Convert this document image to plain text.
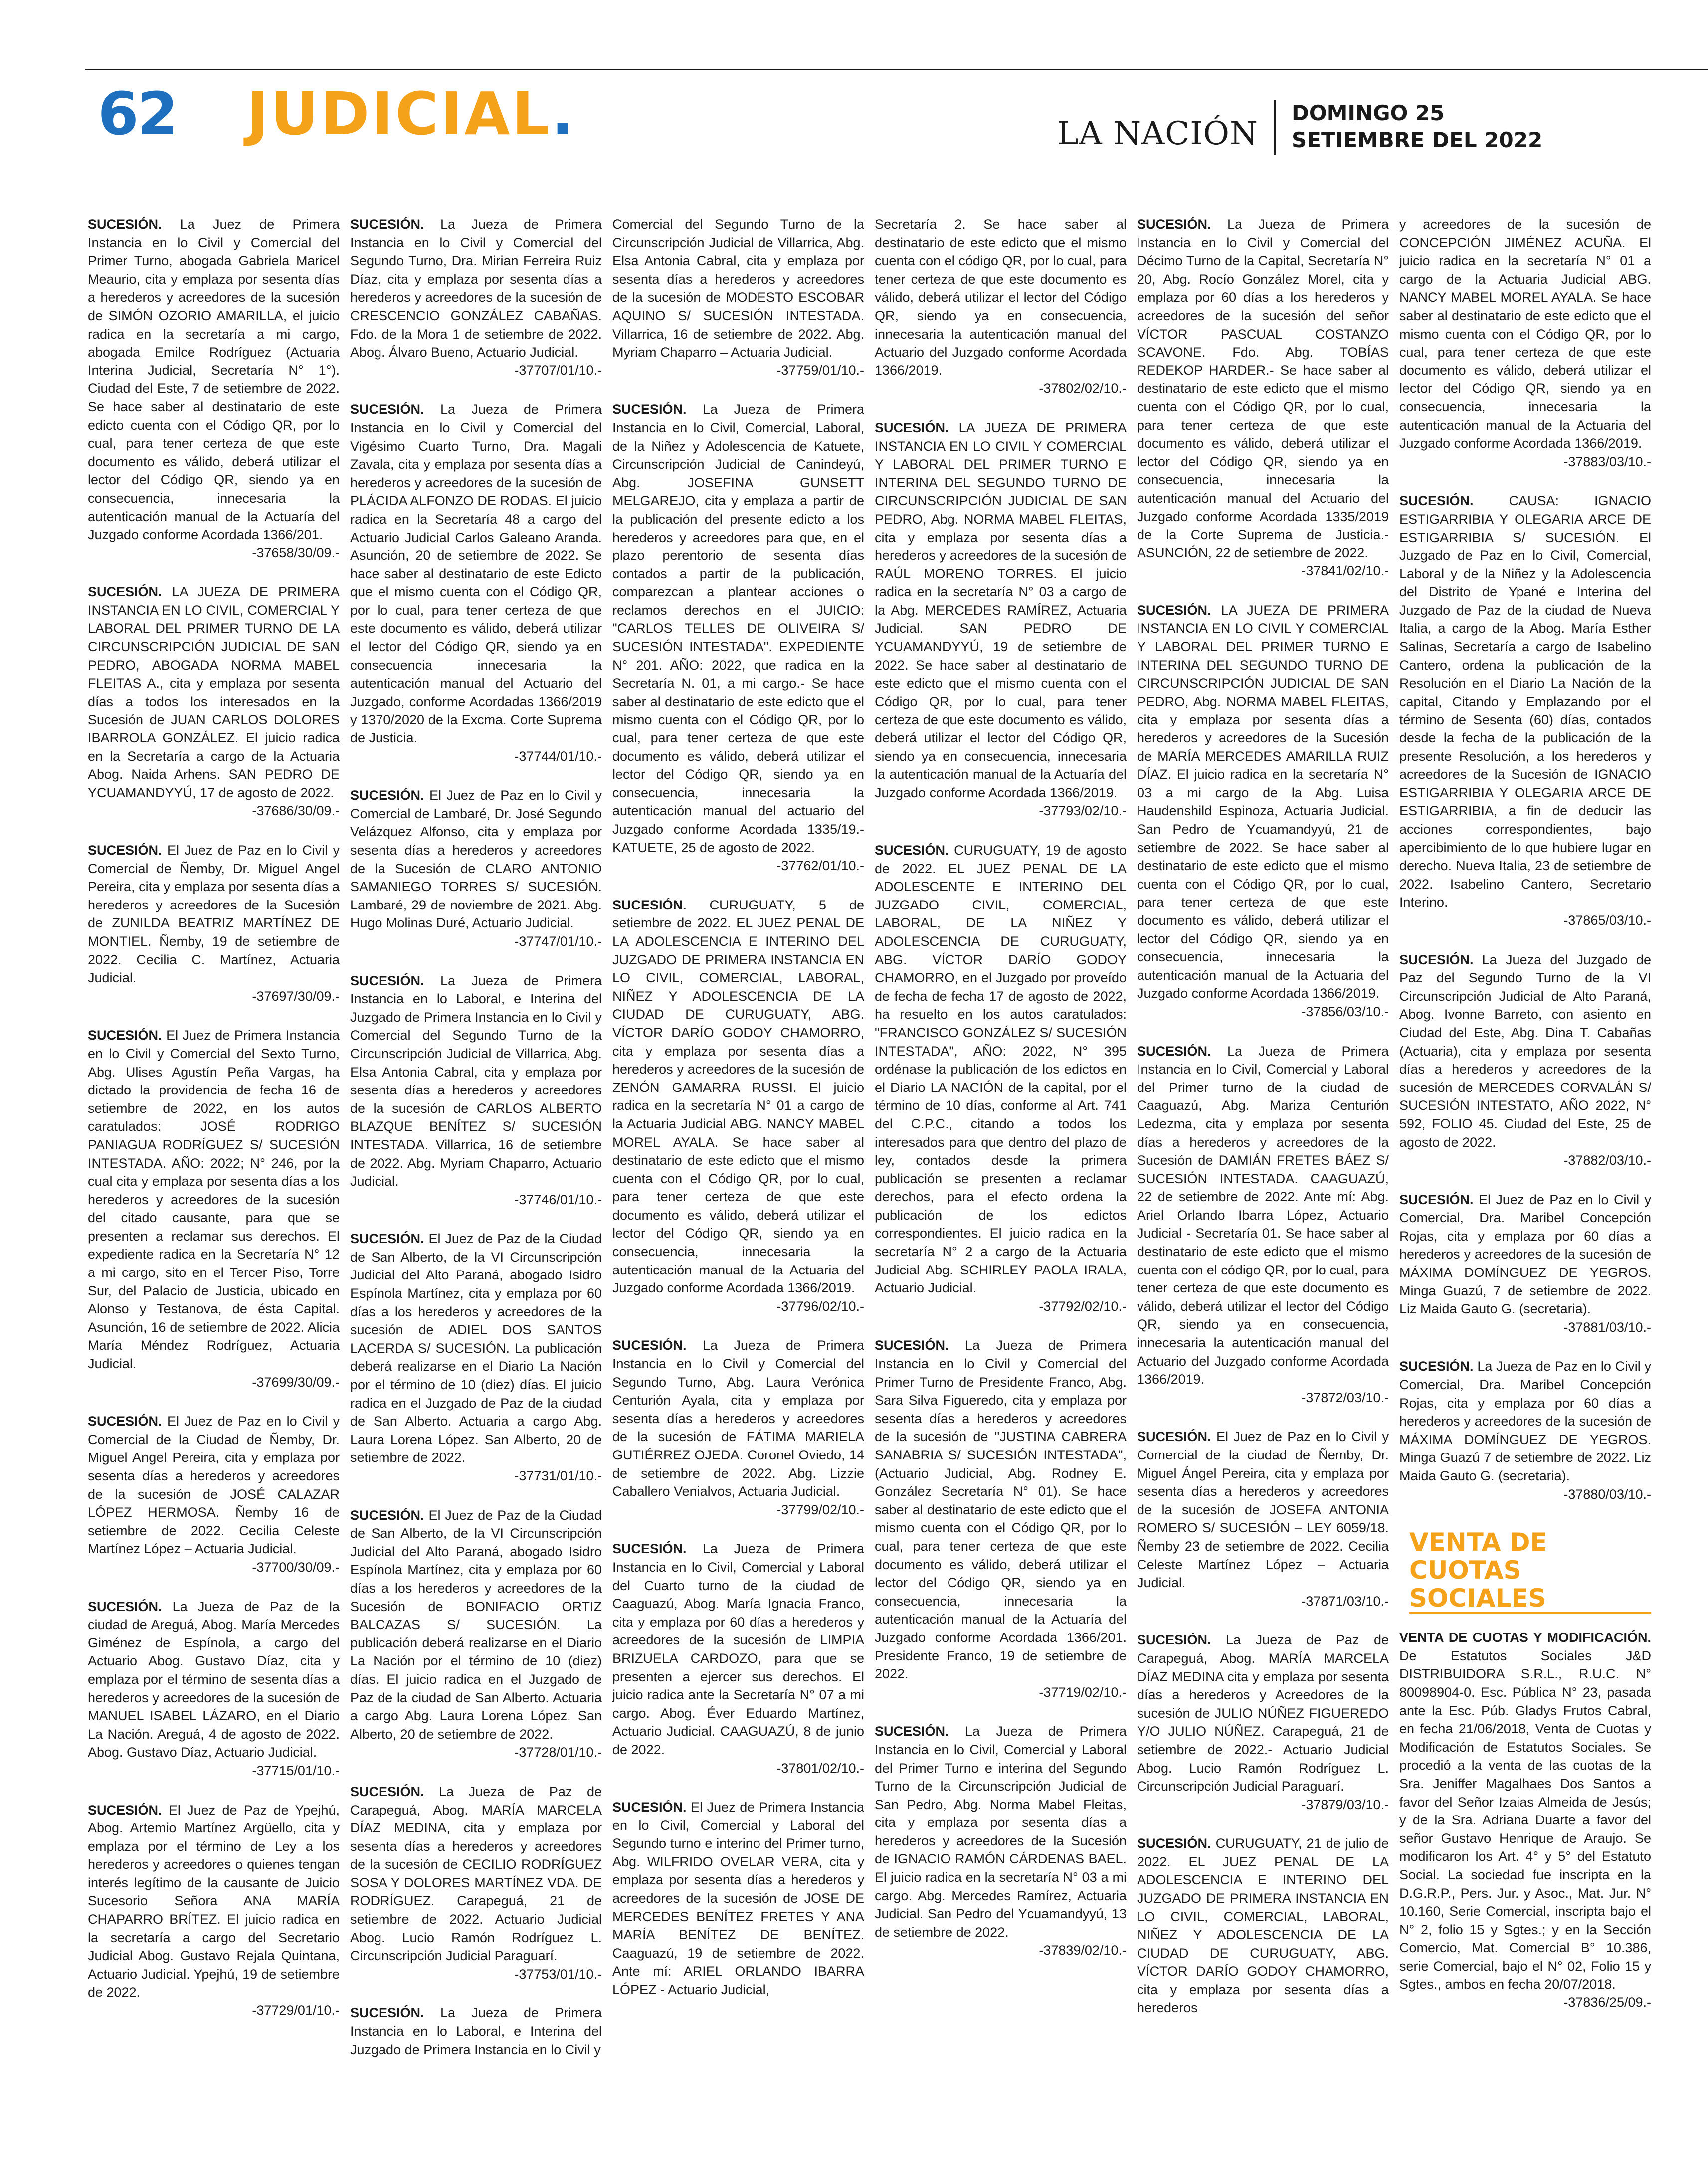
62 JUDICIAL.	LA NACIÓN
DOMINGO 25
SETIEMBRE DEL 2022

SUCESIÓN. La Juez de Primera Instancia en lo Civil y Comercial del Primer Turno, abogada Gabriela Maricel Meaurio, cita y emplaza por sesenta días a herederos y acreedores de la sucesión de SIMÓN OZORIO AMARILLA, el juicio radica en la secretaría a mi cargo, abogada Emilce Rodríguez (Actuaria Interina Judicial, Secretaría N° 1°). Ciudad del Este, 7 de setiembre de 2022. Se hace saber al destinatario de este edicto cuenta con el Código QR, por lo cual, para tener certeza de que este documento es válido, deberá utilizar el lector del Código QR, siendo ya en consecuencia, innecesaria la autenticación manual de la Actuaría del Juzgado conforme Acordada 1366/201.
-37658/30/09.-

SUCESIÓN. LA JUEZA DE PRIMERA INSTANCIA EN LO CIVIL, COMERCIAL Y LABORAL DEL PRIMER TURNO DE LA CIRCUNSCRIPCIÓN JUDICIAL DE SAN PEDRO, ABOGADA NORMA MABEL FLEITAS A., cita y emplaza por sesenta días a todos los interesados en la Sucesión de JUAN CARLOS DOLORES IBARROLA GONZÁLEZ. El juicio radica en la Secretaría a cargo de la Actuaria Abog. Naida Arhens. SAN PEDRO DE YCUAMANDYYÚ, 17 de agosto de 2022.
-37686/30/09.-

SUCESIÓN. El Juez de Paz en lo Civil y Comercial de Ñemby, Dr. Miguel Angel Pereira, cita y emplaza por sesenta días a herederos y acreedores de la Sucesión de ZUNILDA BEATRIZ MARTÍNEZ DE MONTIEL. Ñemby, 19 de setiembre de 2022. Cecilia C. Martínez, Actuaria Judicial.
-37697/30/09.-

SUCESIÓN. El Juez de Primera Instancia en lo Civil y Comercial del Sexto Turno, Abg. Ulises Agustín Peña Vargas, ha dictado la providencia de fecha 16 de setiembre de 2022, en los autos caratulados: JOSÉ RODRIGO PANIAGUA RODRÍGUEZ S/ SUCESIÓN INTESTADA. AÑO: 2022; N° 246, por la cual cita y emplaza por sesenta días a los herederos y acreedores de la sucesión del citado causante, para que se presenten a reclamar sus derechos. El expediente radica en la Secretaría N° 12 a mi cargo, sito en el Tercer Piso, Torre Sur, del Palacio de Justicia, ubicado en Alonso y Testanova, de ésta Capital. Asunción, 16 de setiembre de 2022. Alicia María Méndez Rodríguez, Actuaria Judicial.
-37699/30/09.-

SUCESIÓN. El Juez de Paz en lo Civil y Comercial de la Ciudad de Ñemby, Dr. Miguel Angel Pereira, cita y emplaza por sesenta días a herederos y acreedores de la sucesión de JOSÉ CALAZAR LÓPEZ HERMOSA. Ñemby 16 de setiembre de 2022. Cecilia Celeste Martínez López – Actuaria Judicial.
-37700/30/09.-

SUCESIÓN. La Jueza de Paz de la ciudad de Areguá, Abog. María Mercedes Giménez de Espínola, a cargo del Actuario Abog. Gustavo Díaz, cita y emplaza por el término de sesenta días a herederos y acreedores de la sucesión de MANUEL ISABEL LÁZARO, en el Diario La Nación. Areguá, 4 de agosto de 2022. Abog. Gustavo Díaz, Actuario Judicial.
-37715/01/10.-

SUCESIÓN. El Juez de Paz de Ypejhú, Abog. Artemio Martínez Argüello, cita y emplaza por el término de Ley a los herederos y acreedores o quienes tengan interés legítimo de la causante de Juicio Sucesorio Señora ANA MARÍA CHAPARRO BRÍTEZ. El juicio radica en la secretaría a cargo del Secretario Judicial Abog. Gustavo Rejala Quintana, Actuario Judicial. Ypejhú, 19 de setiembre de 2022.
-37729/01/10.-

SUCESIÓN. La Jueza de Primera Instancia en lo Civil y Comercial del Segundo Turno, Dra. Mirian Ferreira Ruiz Díaz, cita y emplaza por sesenta días a herederos y acreedores de la sucesión de CRESCENCIO GONZÁLEZ CABAÑAS. Fdo. de la Mora 1 de setiembre de 2022. Abog. Álvaro Bueno, Actuario Judicial.
-37707/01/10.-

SUCESIÓN. La Jueza de Primera Instancia en lo Civil y Comercial del Vigésimo Cuarto Turno, Dra. Magali Zavala, cita y emplaza por sesenta días a herederos y acreedores de la sucesión de PLÁCIDA ALFONZO DE RODAS. El juicio radica en la Secretaría 48 a cargo del Actuario Judicial Carlos Galeano Aranda. Asunción, 20 de setiembre de 2022. Se hace saber al destinatario de este Edicto que el mismo cuenta con el Código QR, por lo cual, para tener certeza de que este documento es válido, deberá utilizar el lector del Código QR, siendo ya en consecuencia innecesaria la autenticación manual del Actuario del Juzgado, conforme Acordadas 1366/2019 y 1370/2020 de la Excma. Corte Suprema de Justicia.
-37744/01/10.-

SUCESIÓN. El Juez de Paz en lo Civil y Comercial de Lambaré, Dr. José Segundo Velázquez Alfonso, cita y emplaza por sesenta días a herederos y acreedores de la Sucesión de CLARO ANTONIO SAMANIEGO TORRES S/ SUCESIÓN. Lambaré, 29 de noviembre de 2021. Abg. Hugo Molinas Duré, Actuario Judicial.
-37747/01/10.-

SUCESIÓN. La Jueza de Primera Instancia en lo Laboral, e Interina del Juzgado de Primera Instancia en lo Civil y Comercial del Segundo Turno de la Circunscripción Judicial de Villarrica, Abg. Elsa Antonia Cabral, cita y emplaza por sesenta días a herederos y acreedores de la sucesión de CARLOS ALBERTO BLAZQUE BENÍTEZ S/ SUCESIÓN INTESTADA. Villarrica, 16 de setiembre de 2022. Abg. Myriam Chaparro, Actuario Judicial.
-37746/01/10.-

SUCESIÓN. El Juez de Paz de la Ciudad de San Alberto, de la VI Circunscripción Judicial del Alto Paraná, abogado Isidro Espínola Martínez, cita y emplaza por 60 días a los herederos y acreedores de la sucesión de ADIEL DOS SANTOS LACERDA S/ SUCESIÓN. La publicación deberá realizarse en el Diario La Nación por el término de 10 (diez) días. El juicio radica en el Juzgado de Paz de la ciudad de San Alberto. Actuaria a cargo Abg. Laura Lorena López. San Alberto, 20 de setiembre de 2022.
-37731/01/10.-

SUCESIÓN. El Juez de Paz de la Ciudad de San Alberto, de la VI Circunscripción Judicial del Alto Paraná, abogado Isidro Espínola Martínez, cita y emplaza por 60 días a los herederos y acreedores de la Sucesión de BONIFACIO ORTIZ BALCAZAS S/ SUCESIÓN. La publicación deberá realizarse en el Diario La Nación por el término de 10 (diez) días. El juicio radica en el Juzgado de Paz de la ciudad de San Alberto. Actuaria a cargo Abg. Laura Lorena López. San Alberto, 20 de setiembre de 2022.
-37728/01/10.-

SUCESIÓN. La Jueza de Paz de Carapeguá, Abog. MARÍA MARCELA DÍAZ MEDINA, cita y emplaza por sesenta días a herederos y acreedores de la sucesión de CECILIO RODRÍGUEZ SOSA Y DOLORES MARTÍNEZ VDA. DE RODRÍGUEZ. Carapeguá, 21 de setiembre de 2022. Actuario Judicial Abog. Lucio Ramón Rodríguez L. Circunscripción Judicial Paraguarí.
-37753/01/10.-

SUCESIÓN. La Jueza de Primera Instancia en lo Laboral, e Interina del Juzgado de Primera Instancia en lo Civil y

Comercial del Segundo Turno de la Circunscripción Judicial de Villarrica, Abg. Elsa Antonia Cabral, cita y emplaza por sesenta días a herederos y acreedores de la sucesión de MODESTO ESCOBAR AQUINO S/ SUCESIÓN INTESTADA. Villarrica, 16 de setiembre de 2022. Abg. Myriam Chaparro – Actuaria Judicial.
-37759/01/10.-

SUCESIÓN. La Jueza de Primera Instancia en lo Civil, Comercial, Laboral, de la Niñez y Adolescencia de Katuete, Circunscripción Judicial de Canindeyú, Abg. JOSEFINA GUNSETT MELGAREJO, cita y emplaza a partir de la publicación del presente edicto a los herederos y acreedores para que, en el plazo perentorio de sesenta días contados a partir de la publicación, comparezcan a plantear acciones o reclamos derechos en el JUICIO: "CARLOS TELLES DE OLIVEIRA S/ SUCESIÓN INTESTADA". EXPEDIENTE N° 201. AÑO: 2022, que radica en la Secretaría N. 01, a mi cargo.- Se hace saber al destinatario de este edicto que el mismo cuenta con el Código QR, por lo cual, para tener certeza de que este documento es válido, deberá utilizar el lector del Código QR, siendo ya en consecuencia, innecesaria la autenticación manual del actuario del Juzgado conforme Acordada 1335/19.- KATUETE, 25 de agosto de 2022.
-37762/01/10.-

SUCESIÓN. CURUGUATY, 5 de setiembre de 2022. EL JUEZ PENAL DE LA ADOLESCENCIA E INTERINO DEL JUZGADO DE PRIMERA INSTANCIA EN LO CIVIL, COMERCIAL, LABORAL, NIÑEZ Y ADOLESCENCIA DE LA CIUDAD DE CURUGUATY, ABG. VÍCTOR DARÍO GODOY CHAMORRO, cita y emplaza por sesenta días a herederos y acreedores de la sucesión de ZENÓN GAMARRA RUSSI. El juicio radica en la secretaría N° 01 a cargo de la Actuaria Judicial ABG. NANCY MABEL MOREL AYALA. Se hace saber al destinatario de este edicto que el mismo cuenta con el Código QR, por lo cual, para tener certeza de que este documento es válido, deberá utilizar el lector del Código QR, siendo ya en consecuencia, innecesaria la autenticación manual de la Actuaria del Juzgado conforme Acordada 1366/2019.
-37796/02/10.-

SUCESIÓN. La Jueza de Primera Instancia en lo Civil y Comercial del Segundo Turno, Abg. Laura Verónica Centurión Ayala, cita y emplaza por sesenta días a herederos y acreedores de la sucesión de FÁTIMA MARIELA GUTIÉRREZ OJEDA. Coronel Oviedo, 14 de setiembre de 2022. Abg. Lizzie Caballero Venialvos, Actuaria Judicial.
-37799/02/10.-

SUCESIÓN. La Jueza de Primera Instancia en lo Civil, Comercial y Laboral del Cuarto turno de la ciudad de Caaguazú, Abog. María Ignacia Franco, cita y emplaza por 60 días a herederos y acreedores de la sucesión de LIMPIA BRIZUELA CARDOZO, para que se presenten a ejercer sus derechos. El juicio radica ante la Secretaría N° 07 a mi cargo. Abog. Éver Eduardo Martínez, Actuario Judicial. CAAGUAZÚ, 8 de junio de 2022.
-37801/02/10.-

SUCESIÓN. El Juez de Primera Instancia en lo Civil, Comercial y Laboral del Segundo turno e interino del Primer turno, Abg. WILFRIDO OVELAR VERA, cita y emplaza por sesenta días a herederos y acreedores de la sucesión de JOSE DE MERCEDES BENÍTEZ FRETES Y ANA MARÍA BENÍTEZ DE BENÍTEZ. Caaguazú, 19 de setiembre de 2022. Ante mí: ARIEL ORLANDO IBARRA LÓPEZ - Actuario Judicial,

Secretaría 2. Se hace saber al destinatario de este edicto que el mismo cuenta con el código QR, por lo cual, para tener certeza de que este documento es válido, deberá utilizar el lector del Código QR, siendo ya en consecuencia, innecesaria la autenticación manual del Actuario del Juzgado conforme Acordada 1366/2019.
-37802/02/10.-

SUCESIÓN. LA JUEZA DE PRIMERA INSTANCIA EN LO CIVIL Y COMERCIAL Y LABORAL DEL PRIMER TURNO E INTERINA DEL SEGUNDO TURNO DE CIRCUNSCRIPCIÓN JUDICIAL DE SAN PEDRO, Abg. NORMA MABEL FLEITAS, cita y emplaza por sesenta días a herederos y acreedores de la sucesión de RAÚL MORENO TORRES. El juicio radica en la secretaría N° 03 a cargo de la Abg. MERCEDES RAMÍREZ, Actuaria Judicial. SAN PEDRO DE YCUAMANDYYÚ, 19 de setiembre de 2022. Se hace saber al destinatario de este edicto que el mismo cuenta con el Código QR, por lo cual, para tener certeza de que este documento es válido, deberá utilizar el lector del Código QR, siendo ya en consecuencia, innecesaria la autenticación manual de la Actuaría del Juzgado conforme Acordada 1366/2019.
-37793/02/10.-

SUCESIÓN. CURUGUATY, 19 de agosto de 2022. EL JUEZ PENAL DE LA ADOLESCENTE E INTERINO DEL JUZGADO CIVIL, COMERCIAL, LABORAL, DE LA NIÑEZ Y ADOLESCENCIA DE CURUGUATY, ABG. VÍCTOR DARÍO GODOY CHAMORRO, en el Juzgado por proveído de fecha de fecha 17 de agosto de 2022, ha resuelto en los autos caratulados: "FRANCISCO GONZÁLEZ S/ SUCESIÓN INTESTADA", AÑO: 2022, N° 395 ordénase la publicación de los edictos en el Diario LA NACIÓN de la capital, por el término de 10 días, conforme al Art. 741 del C.P.C., citando a todos los interesados para que dentro del plazo de ley, contados desde la primera publicación se presenten a reclamar derechos, para el efecto ordena la publicación de los edictos correspondientes. El juicio radica en la secretaría N° 2 a cargo de la Actuaria Judicial Abg. SCHIRLEY PAOLA IRALA, Actuario Judicial.
-37792/02/10.-

SUCESIÓN. La Jueza de Primera Instancia en lo Civil y Comercial del Primer Turno de Presidente Franco, Abg. Sara Silva Figueredo, cita y emplaza por sesenta días a herederos y acreedores de la sucesión de "JUSTINA CABRERA SANABRIA S/ SUCESIÓN INTESTADA", (Actuario Judicial, Abg. Rodney E. González Secretaría N° 01). Se hace saber al destinatario de este edicto que el mismo cuenta con el Código QR, por lo cual, para tener certeza de que este documento es válido, deberá utilizar el lector del Código QR, siendo ya en consecuencia, innecesaria la autenticación manual de la Actuaría del Juzgado conforme Acordada 1366/201. Presidente Franco, 19 de setiembre de 2022.
-37719/02/10.-

SUCESIÓN. La Jueza de Primera Instancia en lo Civil, Comercial y Laboral del Primer Turno e interina del Segundo Turno de la Circunscripción Judicial de San Pedro, Abg. Norma Mabel Fleitas, cita y emplaza por sesenta días a herederos y acreedores de la Sucesión de IGNACIO RAMÓN CÁRDENAS BAEL. El juicio radica en la secretaría N° 03 a mi cargo. Abg. Mercedes Ramírez, Actuaria Judicial. San Pedro del Ycuamandyyú, 13 de setiembre de 2022.
-37839/02/10.-

SUCESIÓN. La Jueza de Primera Instancia en lo Civil y Comercial del Décimo Turno de la Capital, Secretaría N° 20, Abg. Rocío González Morel, cita y emplaza por 60 días a los herederos y acreedores de la sucesión del señor VÍCTOR PASCUAL COSTANZO SCAVONE. Fdo. Abg. TOBÍAS REDEKOP HARDER.- Se hace saber al destinatario de este edicto que el mismo cuenta con el Código QR, por lo cual, para tener certeza de que este documento es válido, deberá utilizar el lector del Código QR, siendo ya en consecuencia, innecesaria la autenticación manual del Actuario del Juzgado conforme Acordada 1335/2019 de la Corte Suprema de Justicia.- ASUNCIÓN, 22 de setiembre de 2022.
-37841/02/10.-

SUCESIÓN. LA JUEZA DE PRIMERA INSTANCIA EN LO CIVIL Y COMERCIAL Y LABORAL DEL PRIMER TURNO E INTERINA DEL SEGUNDO TURNO DE CIRCUNSCRIPCIÓN JUDICIAL DE SAN PEDRO, Abg. NORMA MABEL FLEITAS, cita y emplaza por sesenta días a herederos y acreedores de la Sucesión de MARÍA MERCEDES AMARILLA RUIZ DÍAZ. El juicio radica en la secretaría N° 03 a mi cargo de la Abg. Luisa Haudenshild Espinoza, Actuaria Judicial. San Pedro de Ycuamandyyú, 21 de setiembre de 2022. Se hace saber al destinatario de este edicto que el mismo cuenta con el Código QR, por lo cual, para tener certeza de que este documento es válido, deberá utilizar el lector del Código QR, siendo ya en consecuencia, innecesaria la autenticación manual de la Actuaria del Juzgado conforme Acordada 1366/2019.
-37856/03/10.-

SUCESIÓN. La Jueza de Primera Instancia en lo Civil, Comercial y Laboral del Primer turno de la ciudad de Caaguazú, Abg. Mariza Centurión Ledezma, cita y emplaza por sesenta días a herederos y acreedores de la Sucesión de DAMIÁN FRETES BÁEZ S/ SUCESIÓN INTESTADA. CAAGUAZÚ, 22 de setiembre de 2022. Ante mí: Abg. Ariel Orlando Ibarra López, Actuario Judicial - Secretaría 01. Se hace saber al destinatario de este edicto que el mismo cuenta con el código QR, por lo cual, para tener certeza de que este documento es válido, deberá utilizar el lector del Código QR, siendo ya en consecuencia, innecesaria la autenticación manual del Actuario del Juzgado conforme Acordada 1366/2019.
-37872/03/10.-

SUCESIÓN. El Juez de Paz en lo Civil y Comercial de la ciudad de Ñemby, Dr. Miguel Ángel Pereira, cita y emplaza por sesenta días a herederos y acreedores de la sucesión de JOSEFA ANTONIA ROMERO S/ SUCESIÓN – LEY 6059/18. Ñemby 23 de setiembre de 2022. Cecilia Celeste Martínez López – Actuaria Judicial.
-37871/03/10.-

SUCESIÓN. La Jueza de Paz de Carapeguá, Abog. MARÍA MARCELA DÍAZ MEDINA cita y emplaza por sesenta días a herederos y Acreedores de la sucesión de JULIO NÚÑEZ FIGUEREDO Y/O JULIO NÚÑEZ. Carapeguá, 21 de setiembre de 2022.- Actuario Judicial Abog. Lucio Ramón Rodríguez L. Circunscripción Judicial Paraguarí.
-37879/03/10.-

SUCESIÓN. CURUGUATY, 21 de julio de 2022. EL JUEZ PENAL DE LA ADOLESCENCIA E INTERINO DEL JUZGADO DE PRIMERA INSTANCIA EN LO CIVIL, COMERCIAL, LABORAL, NIÑEZ Y ADOLESCENCIA DE LA CIUDAD DE CURUGUATY, ABG. VÍCTOR DARÍO GODOY CHAMORRO, cita y emplaza por sesenta días a herederos

y acreedores de la sucesión de CONCEPCIÓN JIMÉNEZ ACUÑA. El juicio radica en la secretaría N° 01 a cargo de la Actuaria Judicial ABG. NANCY MABEL MOREL AYALA. Se hace saber al destinatario de este edicto que el mismo cuenta con el Código QR, por lo cual, para tener certeza de que este documento es válido, deberá utilizar el lector del Código QR, siendo ya en consecuencia, innecesaria la autenticación manual de la Actuaria del Juzgado conforme Acordada 1366/2019.
-37883/03/10.-

SUCESIÓN.	CAUSA: IGNACIO ESTIGARRIBIA Y OLEGARIA ARCE DE ESTIGARRIBIA S/ SUCESIÓN. El Juzgado de Paz en lo Civil, Comercial, Laboral y de la Niñez y la Adolescencia del Distrito de Ypané e Interina del Juzgado de Paz de la ciudad de Nueva Italia, a cargo de la Abog. María Esther Salinas, Secretaría a cargo de Isabelino Cantero, ordena la publicación de la Resolución en el Diario La Nación de la capital, Citando y Emplazando por el término de Sesenta (60) días, contados desde la fecha de la publicación de la presente Resolución, a los herederos y acreedores de la Sucesión de IGNACIO ESTIGARRIBIA Y OLEGARIA ARCE DE ESTIGARRIBIA, a fin de deducir las acciones correspondientes, bajo apercibimiento de lo que hubiere lugar en derecho. Nueva Italia, 23 de setiembre de 2022. Isabelino Cantero, Secretario Interino.
-37865/03/10.-

SUCESIÓN. La Jueza del Juzgado de Paz del Segundo Turno de la VI Circunscripción Judicial de Alto Paraná, Abog. Ivonne Barreto, con asiento en Ciudad del Este, Abg. Dina T. Cabañas (Actuaria), cita y emplaza por sesenta días a herederos y acreedores de la sucesión de MERCEDES CORVALÁN S/ SUCESIÓN INTESTATO, AÑO 2022, N° 592, FOLIO 45. Ciudad del Este, 25 de agosto de 2022.
-37882/03/10.-

SUCESIÓN. El Juez de Paz en lo Civil y Comercial, Dra. Maribel Concepción Rojas, cita y emplaza por 60 días a herederos y acreedores de la sucesión de MÁXIMA DOMÍNGUEZ DE YEGROS. Minga Guazú, 7 de setiembre de 2022. Liz Maida Gauto G. (secretaria).
-37881/03/10.-

SUCESIÓN. La Jueza de Paz en lo Civil y Comercial, Dra. Maribel Concepción Rojas, cita y emplaza por 60 días a herederos y acreedores de la sucesión de MÁXIMA DOMÍNGUEZ DE YEGROS. Minga Guazú 7 de setiembre de 2022. Liz Maida Gauto G. (secretaria).
-37880/03/10.-

VENTA DE CUOTAS SOCIALES

VENTA DE CUOTAS Y MODIFICACIÓN. De Estatutos Sociales J&D DISTRIBUIDORA S.R.L., R.U.C. N° 80098904-0. Esc. Pública N° 23, pasada ante la Esc. Púb. Gladys Frutos Cabral, en fecha 21/06/2018, Venta de Cuotas y Modificación de Estatutos Sociales. Se procedió a la venta de las cuotas de la Sra. Jeniffer Magalhaes Dos Santos a favor del Señor Izaias Almeida de Jesús; y de la Sra. Adriana Duarte a favor del señor Gustavo Henrique de Araujo. Se modificaron los Art. 4° y 5° del Estatuto Social. La sociedad fue inscripta en la D.G.R.P., Pers. Jur. y Asoc., Mat. Jur. N° 10.160, Serie Comercial, inscripta bajo el N° 2, folio 15 y Sgtes.; y en la Sección Comercio, Mat. Comercial B° 10.386, serie Comercial, bajo el N° 02, Folio 15 y Sgtes., ambos en fecha 20/07/2018.
-37836/25/09.-
